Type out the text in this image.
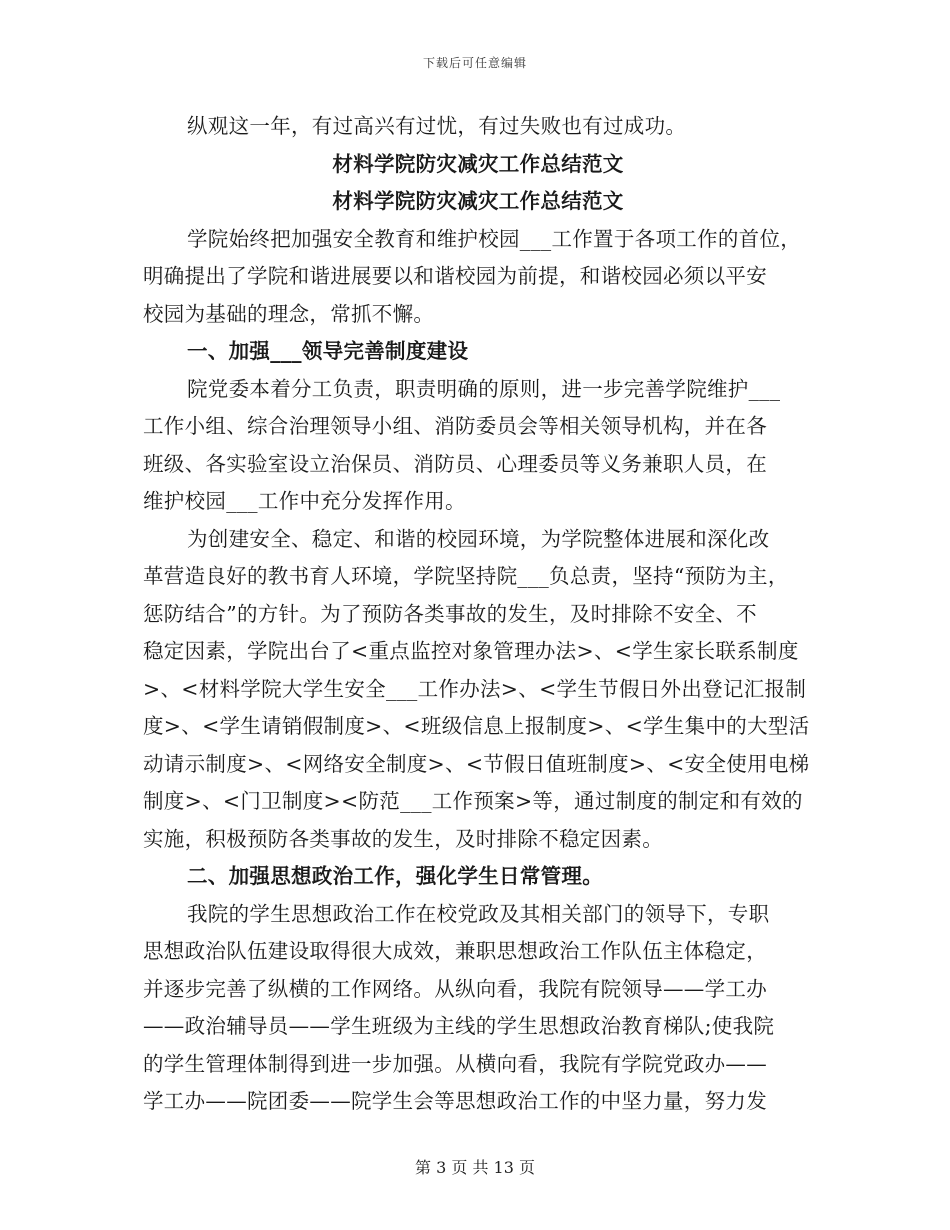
下载后可任意编辑
纵观这一年，有过高兴有过忧，有过失败也有过成功。
材料学院防灾减灾工作总结范文
材料学院防灾减灾工作总结范文
学院始终把加强安全教育和维护校园___工作置于各项工作的首位，
明确提出了学院和谐进展要以和谐校园为前提，和谐校园必须以平安
校园为基础的理念，常抓不懈。
一、加强___领导完善制度建设
院党委本着分工负责，职责明确的原则，进一步完善学院维护___
工作小组、综合治理领导小组、消防委员会等相关领导机构，并在各
班级、各实验室设立治保员、消防员、心理委员等义务兼职人员，在
维护校园___工作中充分发挥作用。
为创建安全、稳定、和谐的校园环境，为学院整体进展和深化改
革营造良好的教书育人环境，学院坚持院___负总责，坚持“预防为主，
惩防结合”的方针。为了预防各类事故的发生，及时排除不安全、不
稳定因素，学院出台了<重点监控对象管理办法>、<学生家长联系制度
>、<材料学院大学生安全___工作办法>、<学生节假日外出登记汇报制
度>、<学生请销假制度>、<班级信息上报制度>、<学生集中的大型活
动请示制度>、<网络安全制度>、<节假日值班制度>、<安全使用电梯
制度>、<门卫制度><防范___工作预案>等，通过制度的制定和有效的
实施，积极预防各类事故的发生，及时排除不稳定因素。
二、加强思想政治工作，强化学生日常管理。
我院的学生思想政治工作在校党政及其相关部门的领导下，专职
思想政治队伍建设取得很大成效，兼职思想政治工作队伍主体稳定，
并逐步完善了纵横的工作网络。从纵向看，我院有院领导——学工办
——政治辅导员——学生班级为主线的学生思想政治教育梯队;使我院
的学生管理体制得到进一步加强。从横向看，我院有学院党政办——
学工办——院团委——院学生会等思想政治工作的中坚力量，努力发
第 3 页 共 13 页
